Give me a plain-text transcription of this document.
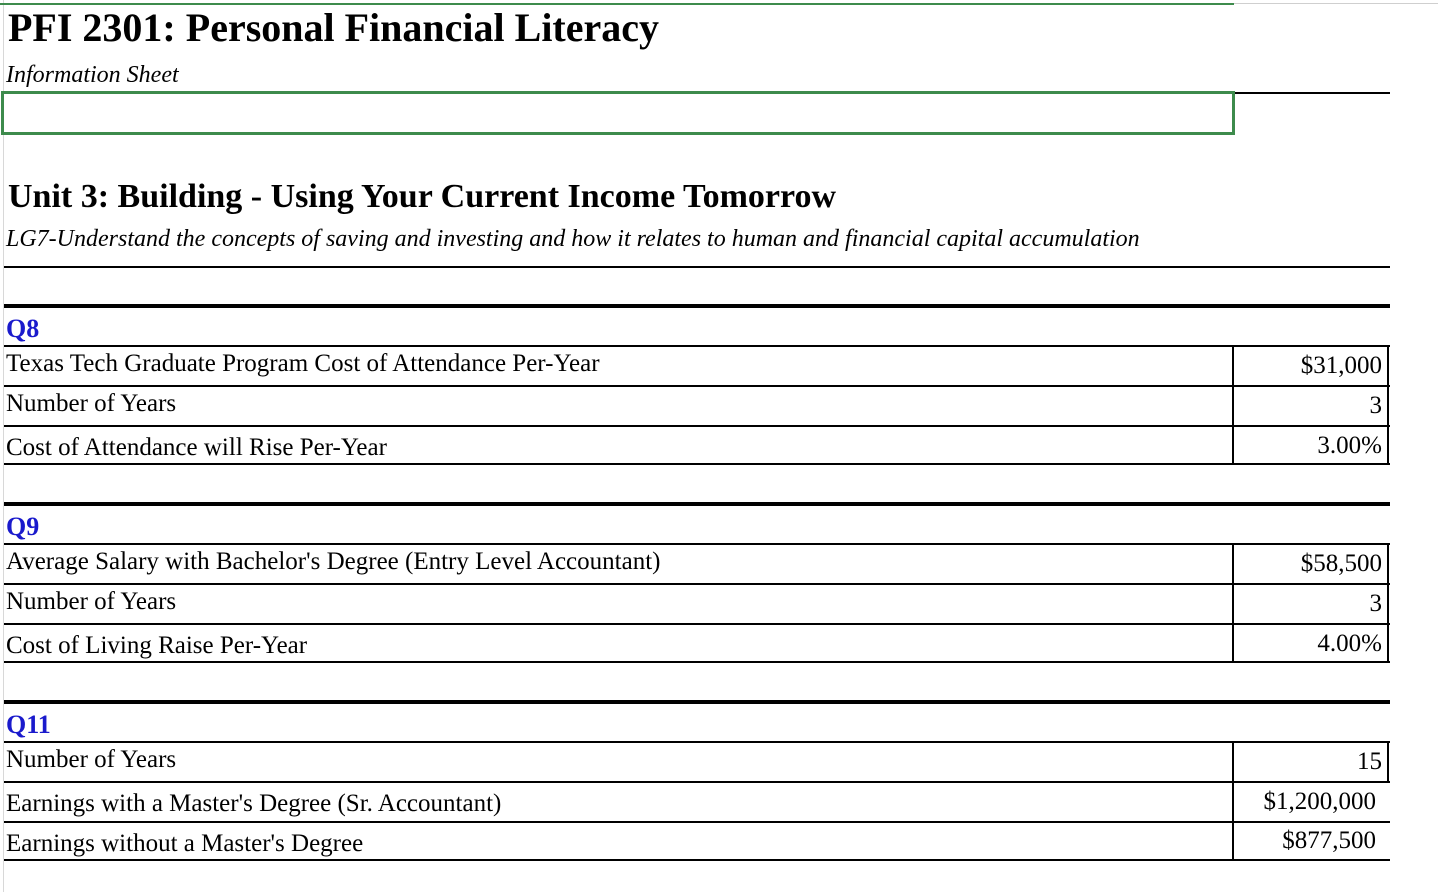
PFI 2301: Personal Financial Literacy
Information Sheet
Unit 3: Building - Using Your Current Income Tomorrow
LG7-Understand the concepts of saving and investing and how it relates to human and financial capital accumulation
Q8
Texas Tech Graduate Program Cost of Attendance Per-Year	$31,000
Number of Years	3
Cost of Attendance will Rise Per-Year	3.00%
Q9
Average Salary with Bachelor's Degree (Entry Level Accountant)	$58,500
Number of Years	3
Cost of Living Raise Per-Year	4.00%
Q11
Number of Years	15
Earnings with a Master's Degree (Sr. Accountant)	$1,200,000
Earnings without a Master's Degree	$877,500
